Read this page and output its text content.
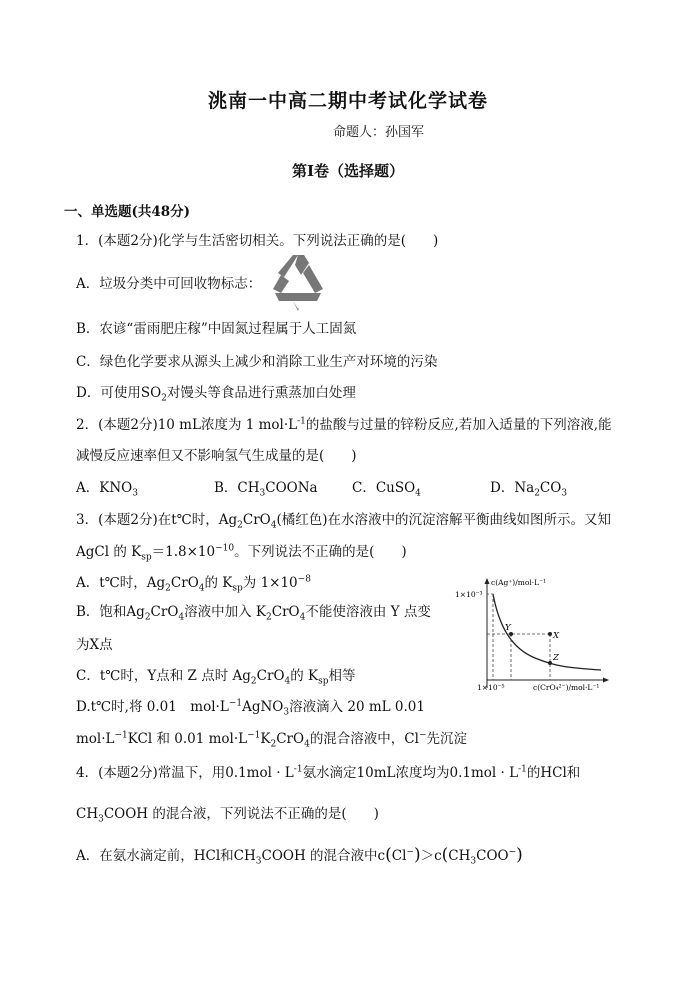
洮南一中高二期中考试化学试卷
命题人：孙国军
第Ⅰ卷（选择题）
一、单选题(共48分)
1．(本题2分)化学与生活密切相关。下列说法正确的是(　　)
A．垃圾分类中可回收物标志：
B．农谚“雷雨肥庄稼”中固氮过程属于人工固氮
C．绿色化学要求从源头上减少和消除工业生产对环境的污染
D．可使用$SO_2$对馒头等食品进行熏蒸加白处理
2．(本题2分)10 mL浓度为 1 $mol\cdot L^{-1}$的盐酸与过量的锌粉反应,若加入适量的下列溶液,能
减慢反应速率但又不影响氢气生成量的是(　　)
A．$KNO_3$	B．$CH_3COONa$	C．CuSO$_4$	D．$Na_2CO_3$
3．(本题2分)在t℃时，$Ag_2CrO_4$(橘红色)在水溶液中的沉淀溶解平衡曲线如图所示。又知
AgCl 的 $K_{sp}=1.8\times 10^{-10}$。下列说法不正确的是(　　)
A．t℃时，$Ag_2CrO_4$的 $K_{sp}$为 $1\times 10^{-8}$
B．饱和$Ag_2CrO_4$溶液中加入 $K_2CrO_4$不能使溶液由 Y 点变
为X点
C．t℃时，Y点和 Z 点时 $Ag_2CrO_4$的 $K_{sp}$相等
D.t℃时,将 0.01　$mol\cdot L^{-1}AgNO_3$溶液滴入 20 mL 0.01
$mol\cdot L^{-1}KCl$ 和 0.01 $mol\cdot L^{-1}K_2CrO_4$的混合溶液中，Cl−先沉淀
c(Ag⁺)/mol·L⁻¹
1×10⁻³
1×10⁻⁵	c(CrO₄²⁻)/mol·L⁻¹
Y
X
Z
4．(本题2分)常温下，用$0.1mol \cdot L^{-1}$氨水滴定10mL浓度均为$0.1mol \cdot L^{-1}$的HCl和
$CH_3COOH$ 的混合液，下列说法不正确的是(　　)
A．在氨水滴定前，HCl和$CH_3COOH$ 的混合液中$c(Cl^-)>c(CH_3COO^-)$
